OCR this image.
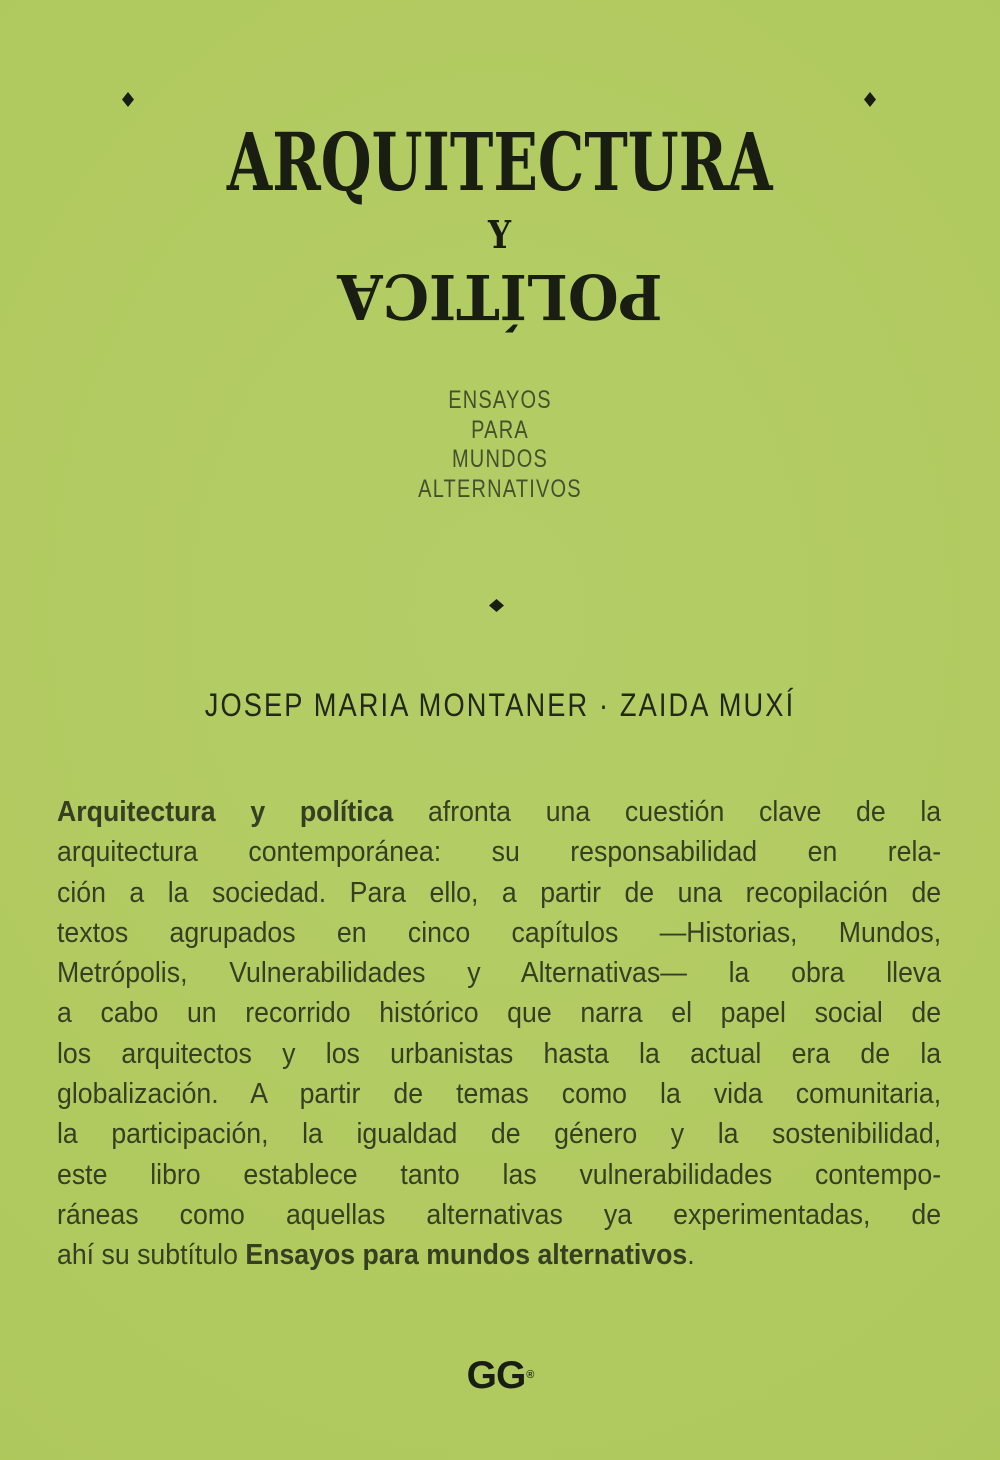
ARQUITECTURA
Y
POLÍTICA
ENSAYOS
PARA
MUNDOS
ALTERNATIVOS
JOSEP MARIA MONTANER · ZAIDA MUXÍ
Arquitectura y política afronta una cuestión clave de la
arquitectura contemporánea: su responsabilidad en rela-
ción a la sociedad. Para ello, a partir de una recopilación de
textos agrupados en cinco capítulos —Historias, Mundos,
Metrópolis, Vulnerabilidades y Alternativas— la obra lleva
a cabo un recorrido histórico que narra el papel social de
los arquitectos y los urbanistas hasta la actual era de la
globalización. A partir de temas como la vida comunitaria,
la participación, la igualdad de género y la sostenibilidad,
este libro establece tanto las vulnerabilidades contempo-
ráneas como aquellas alternativas ya experimentadas, de
ahí su subtítulo Ensayos para mundos alternativos.
GG®
